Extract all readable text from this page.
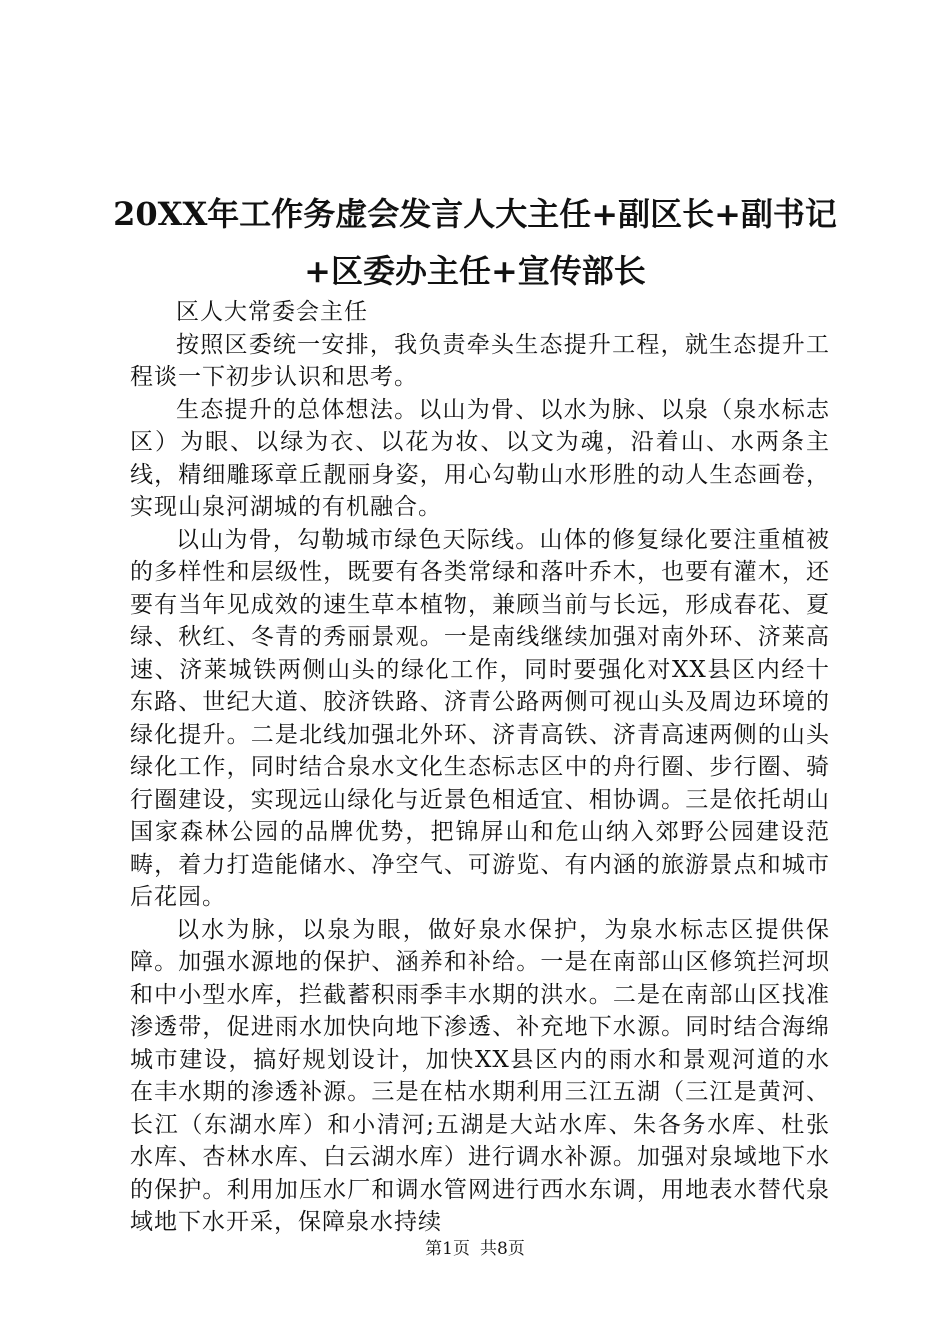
20XX年工作务虚会发言人大主任+副区长+副书记+区委办主任+宣传部长

区人大常委会主任

按照区委统一安排，我负责牵头生态提升工程，就生态提升工程谈一下初步认识和思考。

生态提升的总体想法。以山为骨、以水为脉、以泉（泉水标志区）为眼、以绿为衣、以花为妆、以文为魂，沿着山、水两条主线，精细雕琢章丘靓丽身姿，用心勾勒山水形胜的动人生态画卷，实现山泉河湖城的有机融合。

以山为骨，勾勒城市绿色天际线。山体的修复绿化要注重植被的多样性和层级性，既要有各类常绿和落叶乔木，也要有灌木，还要有当年见成效的速生草本植物，兼顾当前与长远，形成春花、夏绿、秋红、冬青的秀丽景观。一是南线继续加强对南外环、济莱高速、济莱城铁两侧山头的绿化工作，同时要强化对XX县区内经十东路、世纪大道、胶济铁路、济青公路两侧可视山头及周边环境的绿化提升。二是北线加强北外环、济青高铁、济青高速两侧的山头绿化工作，同时结合泉水文化生态标志区中的舟行圈、步行圈、骑行圈建设，实现远山绿化与近景色相适宜、相协调。三是依托胡山国家森林公园的品牌优势，把锦屏山和危山纳入郊野公园建设范畴，着力打造能储水、净空气、可游览、有内涵的旅游景点和城市后花园。

以水为脉，以泉为眼，做好泉水保护，为泉水标志区提供保障。加强水源地的保护、涵养和补给。一是在南部山区修筑拦河坝和中小型水库，拦截蓄积雨季丰水期的洪水。二是在南部山区找准渗透带，促进雨水加快向地下渗透、补充地下水源。同时结合海绵城市建设，搞好规划设计，加快XX县区内的雨水和景观河道的水在丰水期的渗透补源。三是在枯水期利用三江五湖（三江是黄河、长江（东湖水库）和小清河;五湖是大站水库、朱各务水库、杜张水库、杏林水库、白云湖水库）进行调水补源。加强对泉域地下水的保护。利用加压水厂和调水管网进行西水东调，用地表水替代泉域地下水开采，保障泉水持续

第1页 共8页
